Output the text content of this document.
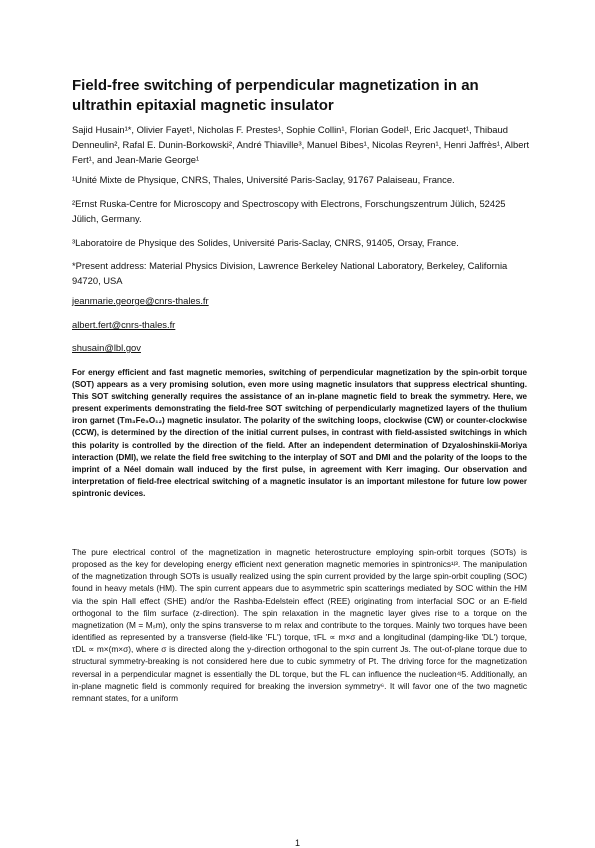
Field-free switching of perpendicular magnetization in an ultrathin epitaxial magnetic insulator
Sajid Husain¹*, Olivier Fayet¹, Nicholas F. Prestes¹, Sophie Collin¹, Florian Godel¹, Eric Jacquet¹, Thibaud Denneulin², Rafal E. Dunin-Borkowski², André Thiaville³, Manuel Bibes¹, Nicolas Reyren¹, Henri Jaffrès¹, Albert Fert¹, and Jean-Marie George¹
¹Unité Mixte de Physique, CNRS, Thales, Université Paris-Saclay, 91767 Palaiseau, France.
²Ernst Ruska-Centre for Microscopy and Spectroscopy with Electrons, Forschungszentrum Jülich, 52425 Jülich, Germany.
³Laboratoire de Physique des Solides, Université Paris-Saclay, CNRS, 91405, Orsay, France.
*Present address: Material Physics Division, Lawrence Berkeley National Laboratory, Berkeley, California 94720, USA
jeanmarie.george@cnrs-thales.fr
albert.fert@cnrs-thales.fr
shusain@lbl.gov

For energy efficient and fast magnetic memories, switching of perpendicular magnetization by the spin-orbit torque (SOT) appears as a very promising solution, even more using magnetic insulators that suppress electrical shunting. This SOT switching generally requires the assistance of an in-plane magnetic field to break the symmetry. Here, we present experiments demonstrating the field-free SOT switching of perpendicularly magnetized layers of the thulium iron garnet (Tm₃Fe₅O₁₂) magnetic insulator. The polarity of the switching loops, clockwise (CW) or counter-clockwise (CCW), is determined by the direction of the initial current pulses, in contrast with field-assisted switchings in which this polarity is controlled by the direction of the field. After an independent determination of Dzyaloshinskii-Moriya interaction (DMI), we relate the field free switching to the interplay of SOT and DMI and the polarity of the loops to the imprint of a Néel domain wall induced by the first pulse, in agreement with Kerr imaging. Our observation and interpretation of field-free electrical switching of a magnetic insulator is an important milestone for future low power spintronic devices.

The pure electrical control of the magnetization in magnetic heterostructure employing spin-orbit torques (SOTs) is proposed as the key for developing energy efficient next generation magnetic memories in spintronics¹ʲ³. The manipulation of the magnetization through SOTs is usually realized using the spin current provided by the large spin-orbit coupling (SOC) found in heavy metals (HM). The spin current appears due to asymmetric spin scatterings mediated by SOC within the HM via the spin Hall effect (SHE) and/or the Rashba-Edelstein effect (REE) originating from interfacial SOC or an E-field orthogonal to the film surface (z-direction). The spin relaxation in the magnetic layer gives rise to a torque on the magnetization (M = Mₛm), only the spins transverse to m relax and contribute to the torques. Mainly two torques have been identified as represented by a transverse (field-like 'FL') torque, τFL ∝ m×σ and a longitudinal (damping-like 'DL') torque, τDL ∝ m×(m×σ), where σ is directed along the y-direction orthogonal to the spin current Js. The out-of-plane torque due to structural symmetry-breaking is not considered here due to cubic symmetry of Pt. The driving force for the magnetization reversal in a perpendicular magnet is essentially the DL torque, but the FL can influence the nucleation⁴ʲ5. Additionally, an in-plane magnetic field is commonly required for breaking the inversion symmetry⁶. It will favor one of the two magnetic remnant states, for a uniform

1
